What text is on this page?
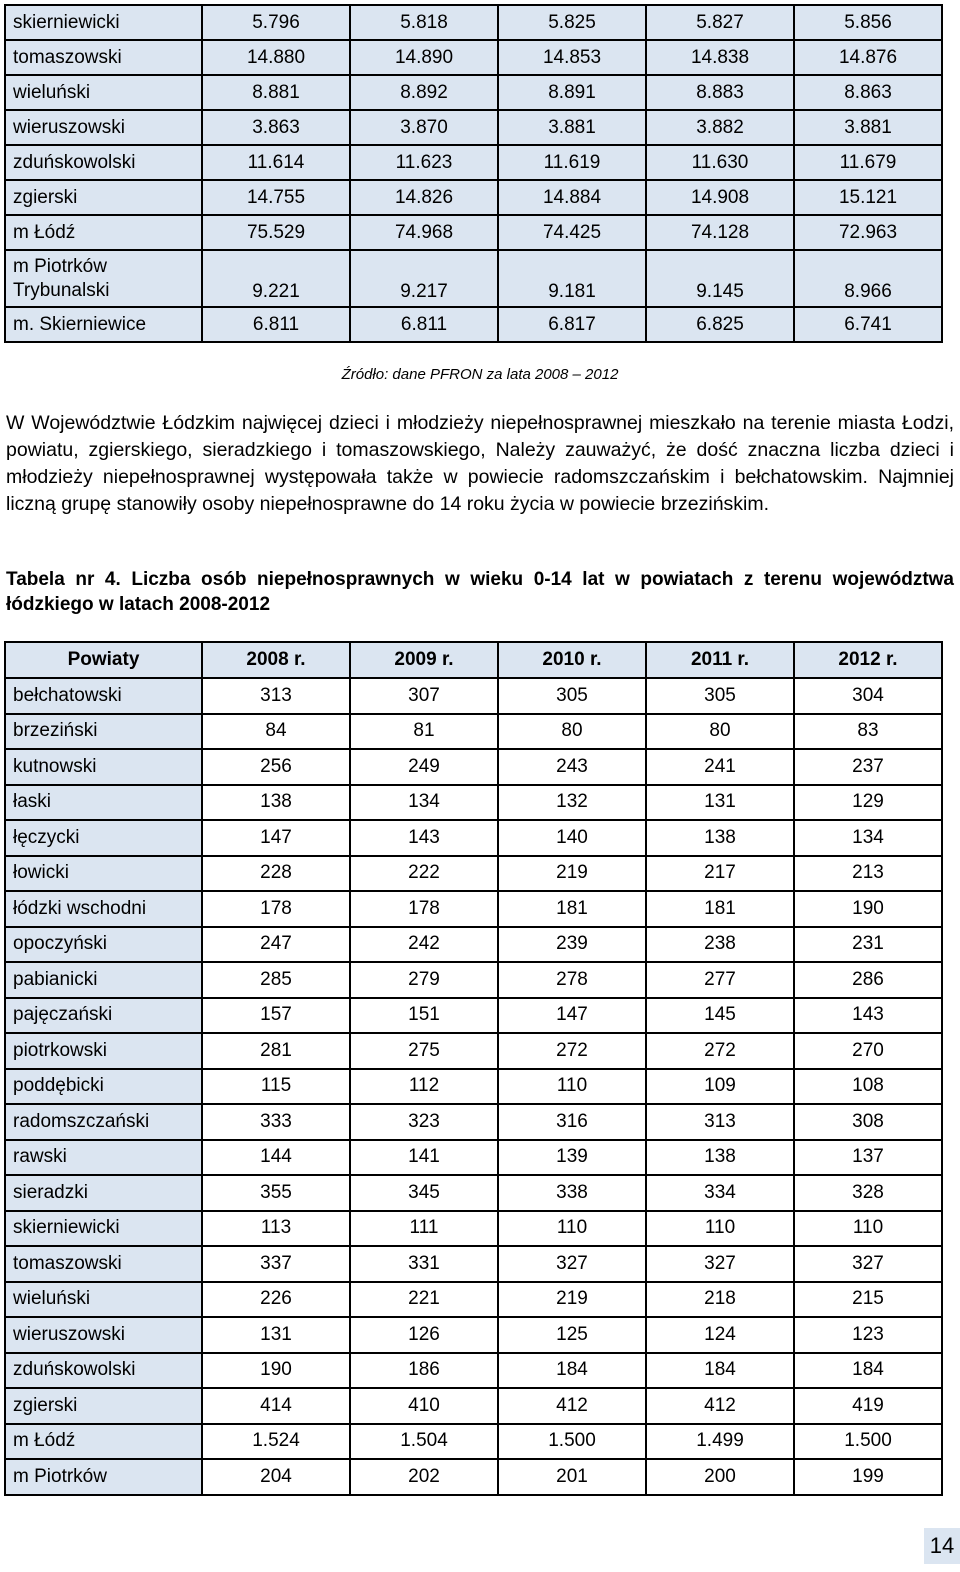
skierniewicki	5.796	5.818	5.825	5.827	5.856
tomaszowski	14.880	14.890	14.853	14.838	14.876
wieluński	8.881	8.892	8.891	8.883	8.863
wieruszowski	3.863	3.870	3.881	3.882	3.881
zduńskowolski	11.614	11.623	11.619	11.630	11.679
zgierski	14.755	14.826	14.884	14.908	15.121
m Łódź	75.529	74.968	74.425	74.128	72.963
m Piotrków Trybunalski	9.221	9.217	9.181	9.145	8.966
m. Skierniewice	6.811	6.811	6.817	6.825	6.741
Źródło: dane PFRON za lata 2008 – 2012

W Województwie Łódzkim najwięcej dzieci i młodzieży niepełnosprawnej mieszkało na terenie miasta Łodzi, powiatu, zgierskiego, sieradzkiego i tomaszowskiego, Należy zauważyć, że dość znaczna liczba dzieci i młodzieży niepełnosprawnej występowała także w powiecie radomszczańskim i bełchatowskim. Najmniej liczną grupę stanowiły osoby niepełnosprawne do 14 roku życia w powiecie brzezińskim.

Tabela nr 4. Liczba osób niepełnosprawnych w wieku 0-14 lat w powiatach z terenu województwa łódzkiego w latach 2008-2012

Powiaty	2008 r.	2009 r.	2010 r.	2011 r.	2012 r.
bełchatowski	313	307	305	305	304
brzeziński	84	81	80	80	83
kutnowski	256	249	243	241	237
łaski	138	134	132	131	129
łęczycki	147	143	140	138	134
łowicki	228	222	219	217	213
łódzki wschodni	178	178	181	181	190
opoczyński	247	242	239	238	231
pabianicki	285	279	278	277	286
pajęczański	157	151	147	145	143
piotrkowski	281	275	272	272	270
poddębicki	115	112	110	109	108
radomszczański	333	323	316	313	308
rawski	144	141	139	138	137
sieradzki	355	345	338	334	328
skierniewicki	113	111	110	110	110
tomaszowski	337	331	327	327	327
wieluński	226	221	219	218	215
wieruszowski	131	126	125	124	123
zduńskowolski	190	186	184	184	184
zgierski	414	410	412	412	419
m Łódź	1.524	1.504	1.500	1.499	1.500
m Piotrków	204	202	201	200	199
14
